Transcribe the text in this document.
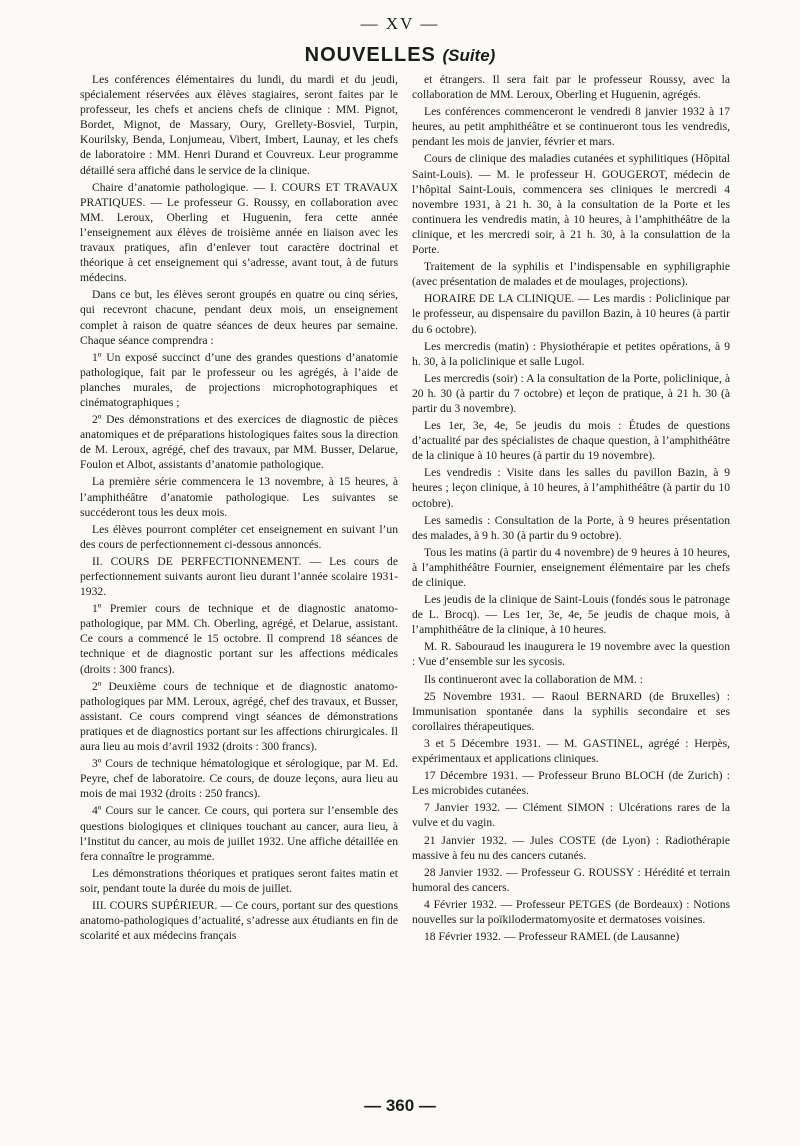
— XV —
NOUVELLES (Suite)

Les conférences élémentaires du lundi, du mardi et du jeudi, spécialement réservées aux élèves stagiaires, seront faites par le professeur, les chefs et anciens chefs de clinique : MM. Pignot, Bordet, Mignot, de Massary, Oury, Grellety-Bosviel, Turpin, Kourilsky, Benda, Lonjumeau, Vibert, Imbert, Launay, et les chefs de laboratoire : MM. Henri Durand et Couvreux. Leur programme détaillé sera affiché dans le service de la clinique.

Chaire d’anatomie pathologique. — I. COURS ET TRAVAUX PRATIQUES. — Le professeur G. Roussy, en collaboration avec MM. Leroux, Oberling et Huguenin, fera cette année l’enseignement aux élèves de troisième année en liaison avec les travaux pratiques, afin d’enlever tout caractère doctrinal et théorique à cet enseignement qui s’adresse, avant tout, à de futurs médecins.

Dans ce but, les élèves seront groupés en quatre ou cinq séries, qui recevront chacune, pendant deux mois, un enseignement complet à raison de quatre séances de deux heures par semaine. Chaque séance comprendra :

1º Un exposé succinct d’une des grandes questions d’anatomie pathologique, fait par le professeur ou les agrégés, à l’aide de planches murales, de projections microphotographiques et cinématographiques ;

2º Des démonstrations et des exercices de diagnostic de pièces anatomiques et de préparations histologiques faites sous la direction de M. Leroux, agrégé, chef des travaux, par MM. Busser, Delarue, Foulon et Albot, assistants d’anatomie pathologique.

La première série commencera le 13 novembre, à 15 heures, à l’amphithéâtre d’anatomie pathologique. Les suivantes se succéderont tous les deux mois.

Les élèves pourront compléter cet enseignement en suivant l’un des cours de perfectionnement ci-dessous annoncés.

II. COURS DE PERFECTIONNEMENT. — Les cours de perfectionnement suivants auront lieu durant l’année scolaire 1931-1932.

1º Premier cours de technique et de diagnostic anatomo-pathologique, par MM. Ch. Oberling, agrégé, et Delarue, assistant. Ce cours a commencé le 15 octobre. Il comprend 18 séances de technique et de diagnostic portant sur les affections médicales (droits : 300 francs).

2º Deuxième cours de technique et de diagnostic anatomo-pathologiques par MM. Leroux, agrégé, chef des travaux, et Busser, assistant. Ce cours comprend vingt séances de démonstrations pratiques et de diagnostics portant sur les affections chirurgicales. Il aura lieu au mois d’avril 1932 (droits : 300 francs).

3º Cours de technique hématologique et sérologique, par M. Ed. Peyre, chef de laboratoire. Ce cours, de douze leçons, aura lieu au mois de mai 1932 (droits : 250 francs).

4º Cours sur le cancer. Ce cours, qui portera sur l’ensemble des questions biologiques et cliniques touchant au cancer, aura lieu, à l’Institut du cancer, au mois de juillet 1932. Une affiche détaillée en fera connaître le programme.

Les démonstrations théoriques et pratiques seront faites matin et soir, pendant toute la durée du mois de juillet.

III. COURS SUPÉRIEUR. — Ce cours, portant sur des questions anatomo-pathologiques d’actualité, s’adresse aux étudiants en fin de scolarité et aux médecins français

et étrangers. Il sera fait par le professeur Roussy, avec la collaboration de MM. Leroux, Oberling et Huguenin, agrégés.

Les conférences commenceront le vendredi 8 janvier 1932 à 17 heures, au petit amphithéâtre et se continueront tous les vendredis, pendant les mois de janvier, février et mars.

Cours de clinique des maladies cutanées et syphilitiques (Hôpital Saint-Louis). — M. le professeur H. GOUGEROT, médecin de l’hôpital Saint-Louis, commencera ses cliniques le mercredi 4 novembre 1931, à 21 h. 30, à la consultation de la Porte et les continuera les vendredis matin, à 10 heures, à l’amphithéâtre de la clinique, et les mercredi soir, à 21 h. 30, à la consulattion de la Porte.

Traitement de la syphilis et l’indispensable en syphiligraphie (avec présentation de malades et de moulages, projections).

HORAIRE DE LA CLINIQUE. — Les mardis : Policlinique par le professeur, au dispensaire du pavillon Bazin, à 10 heures (à partir du 6 octobre).

Les mercredis (matin) : Physiothérapie et petites opérations, à 9 h. 30, à la policlinique et salle Lugol.

Les mercredis (soir) : A la consultation de la Porte, policlinique, à 20 h. 30 (à partir du 7 octobre) et leçon de pratique, à 21 h. 30 (à partir du 3 novembre).

Les 1er, 3e, 4e, 5e jeudis du mois : Études de questions d’actualité par des spécialistes de chaque question, à l’amphithéâtre de la clinique à 10 heures (à partir du 19 novembre).

Les vendredis : Visite dans les salles du pavillon Bazin, à 9 heures ; leçon clinique, à 10 heures, à l’amphithéâtre (à partir du 10 octobre).

Les samedis : Consultation de la Porte, à 9 heures présentation des malades, à 9 h. 30 (à partir du 9 octobre).

Tous les matins (à partir du 4 novembre) de 9 heures à 10 heures, à l’amphithéâtre Fournier, enseignement élémentaire par les chefs de clinique.

Les jeudis de la clinique de Saint-Louis (fondés sous le patronage de L. Brocq). — Les 1er, 3e, 4e, 5e jeudis de chaque mois, à l’amphithéâtre de la clinique, à 10 heures.

M. R. Sabouraud les inaugurera le 19 novembre avec la question : Vue d’ensemble sur les sycosis.

Ils continueront avec la collaboration de MM. :

25 Novembre 1931. — Raoul BERNARD (de Bruxelles) : Immunisation spontanée dans la syphilis secondaire et ses corollaires thérapeutiques.

3 et 5 Décembre 1931. — M. GASTINEL, agrégé : Herpès, expérimentaux et applications cliniques.

17 Décembre 1931. — Professeur Bruno BLOCH (de Zurich) : Les microbides cutanées.

7 Janvier 1932. — Clément SIMON : Ulcérations rares de la vulve et du vagin.

21 Janvier 1932. — Jules COSTE (de Lyon) : Radiothérapie massive à feu nu des cancers cutanés.

28 Janvier 1932. — Professeur G. ROUSSY : Hérédité et terrain humoral des cancers.

4 Février 1932. — Professeur PETGES (de Bordeaux) : Notions nouvelles sur la poïkilodermatomyosite et dermatoses voisines.

18 Février 1932. — Professeur RAMEL (de Lausanne)

— 360 —
